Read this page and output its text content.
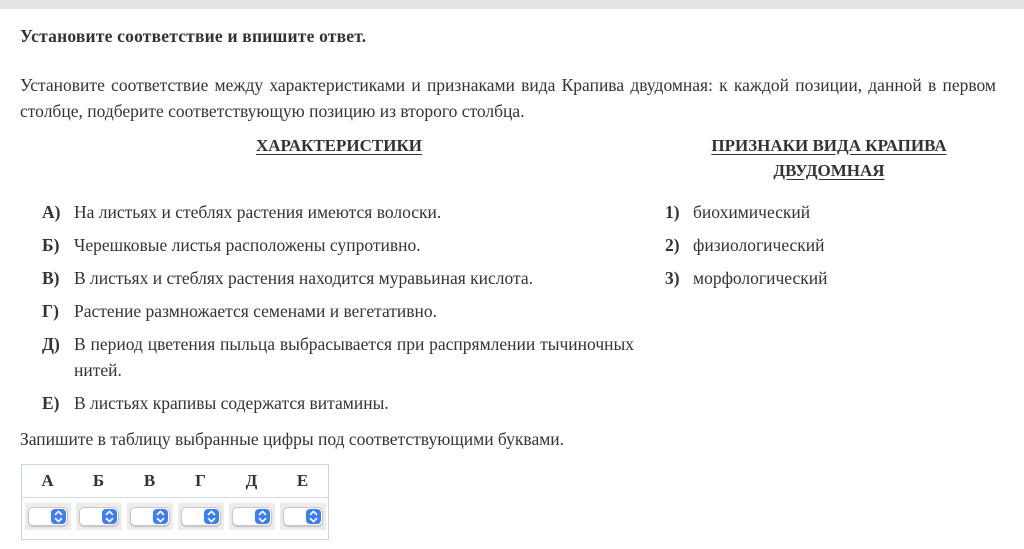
Установите соответствие и впишите ответ.

Установите соответствие между характеристиками и признаками вида Крапива двудомная: к каждой позиции, данной в первом столбце, подберите соответствующую позицию из второго столбца.

ХАРАКТЕРИСТИКИ
А) На листьях и стеблях растения имеются волоски.
Б) Черешковые листья расположены супротивно.
В) В листьях и стеблях растения находится муравьиная кислота.
Г) Растение размножается семенами и вегетативно.
Д) В период цветения пыльца выбрасывается при распрямлении тычиночных нитей.
Е) В листьях крапивы содержатся витамины.
ПРИЗНАКИ ВИДА КРАПИВА
ДВУДОМНАЯ
1) биохимический
2) физиологический
3) морфологический

Запишите в таблицу выбранные цифры под соответствующими буквами.

А	Б	В	Г	Д	Е
